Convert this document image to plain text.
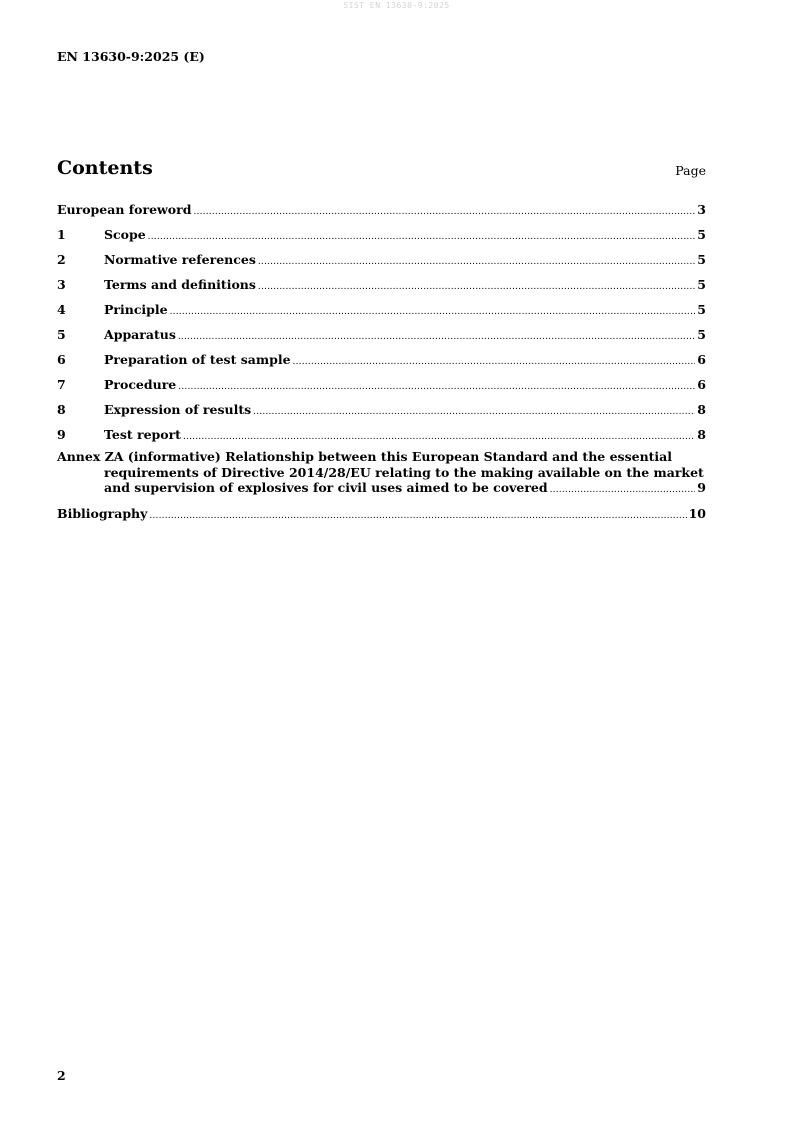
SIST EN 13630-9:2025
EN 13630-9:2025 (E)
Contents	Page
European foreword .....	3
1	Scope .....	5
2	Normative references .....	5
3	Terms and definitions .....	5
4	Principle .....	5
5	Apparatus .....	5
6	Preparation of test sample .....	6
7	Procedure .....	6
8	Expression of results .....	8
9	Test report .....	8
Annex ZA (informative) Relationship between this European Standard and the essential
requirements of Directive 2014/28/EU relating to the making available on the market
and supervision of explosives for civil uses aimed to be covered .....	9
Bibliography .....	10
2
